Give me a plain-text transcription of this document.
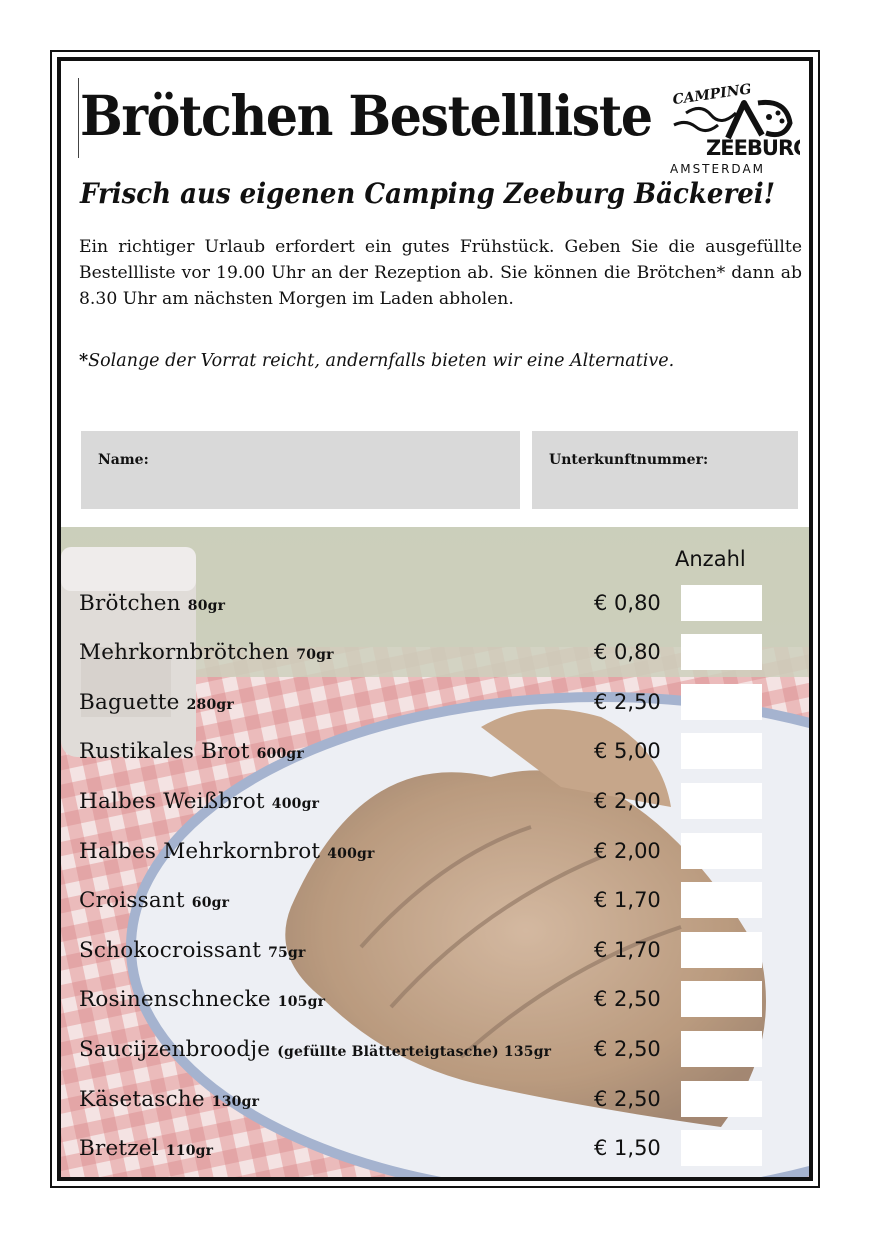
Brötchen Bestellliste CAMPING
ZEEBURG
AMSTERDAM
Frisch aus eigenen Camping Zeeburg Bäckerei!

Ein richtiger Urlaub erfordert ein gutes Frühstück. Geben Sie die ausgefüllte Bestellliste vor 19.00 Uhr an der Rezeption ab. Sie können die Brötchen* dann ab 8.30 Uhr am nächsten Morgen im Laden abholen.

*Solange der Vorrat reicht, andernfalls bieten wir eine Alternative.

Name:	Unterkunftnummer:
Anzahl
Brötchen 80gr	€ 0,80
Mehrkornbrötchen 70gr	€ 0,80
Baguette 280gr	€ 2,50
Rustikales Brot 600gr	€ 5,00
Halbes Weißbrot 400gr	€ 2,00
Halbes Mehrkornbrot 400gr	€ 2,00
Croissant 60gr	€ 1,70
Schokocroissant 75gr	€ 1,70
Rosinenschnecke 105gr	€ 2,50
Saucijzenbroodje (gefüllte Blätterteigtasche) 135gr € 2,50
Käsetasche 130gr	€ 2,50
Bretzel 110gr	€ 1,50
